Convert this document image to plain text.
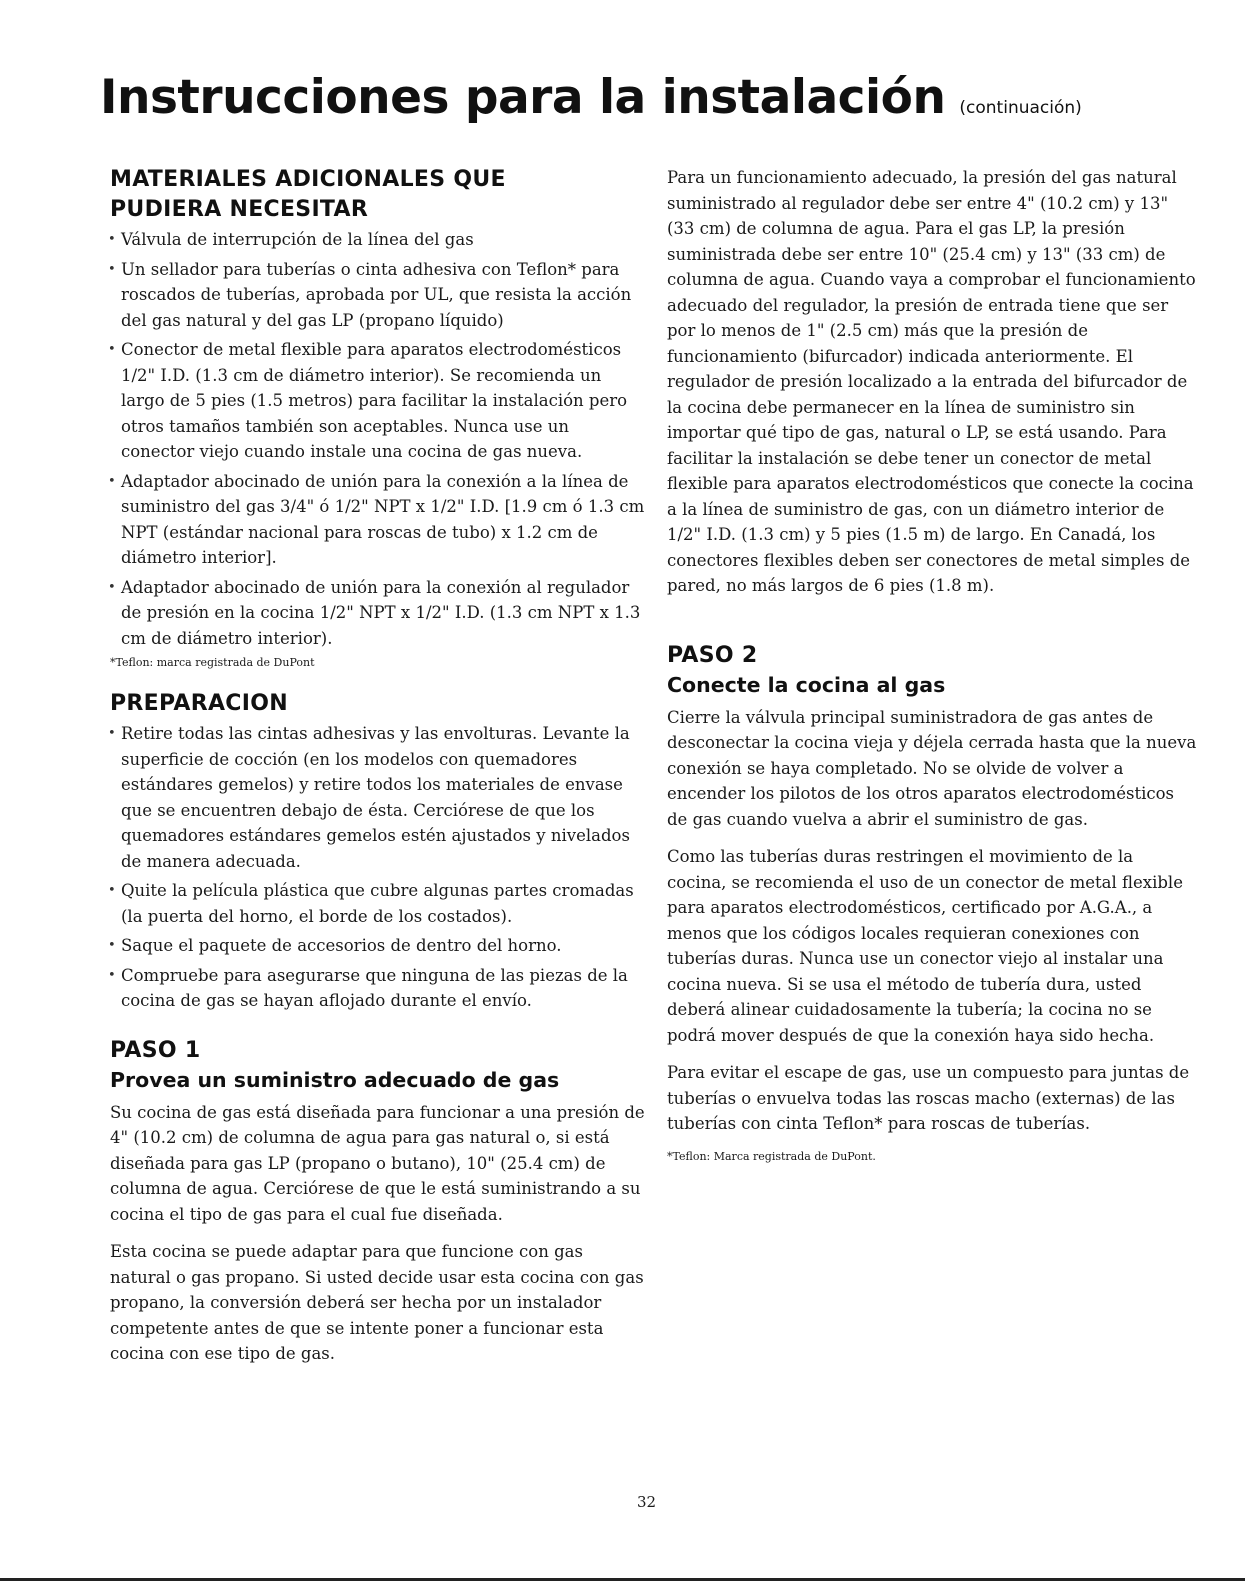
Instrucciones para la instalación (continuación)
MATERIALES ADICIONALES QUE
PUDIERA NECESITAR
• Válvula de interrupción de la línea del gas
• Un sellador para tuberías o cinta adhesiva con Teflon* para roscados de tuberías, aprobada por UL, que resista la acción del gas natural y del gas LP (propano líquido)
• Conector de metal flexible para aparatos electrodomésticos 1/2" I.D. (1.3 cm de diámetro interior). Se recomienda un largo de 5 pies (1.5 metros) para facilitar la instalación pero otros tamaños también son aceptables. Nunca use un conector viejo cuando instale una cocina de gas nueva.
• Adaptador abocinado de unión para la conexión a la línea de suministro del gas 3/4" ó 1/2" NPT x 1/2" I.D. [1.9 cm ó 1.3 cm NPT (estándar nacional para roscas de tubo) x 1.2 cm de diámetro interior].
• Adaptador abocinado de unión para la conexión al regulador de presión en la cocina 1/2" NPT x 1/2" I.D. (1.3 cm NPT x 1.3 cm de diámetro interior).

*Teflon: marca registrada de DuPont

PREPARACION
• Retire todas las cintas adhesivas y las envolturas. Levante la superficie de cocción (en los modelos con quemadores estándares gemelos) y retire todos los materiales de envase que se encuentren debajo de ésta. Cerciórese de que los quemadores estándares gemelos estén ajustados y nivelados de manera adecuada.
• Quite la película plástica que cubre algunas partes cromadas (la puerta del horno, el borde de los costados).
• Saque el paquete de accesorios de dentro del horno.
• Compruebe para asegurarse que ninguna de las piezas de la cocina de gas se hayan aflojado durante el envío.
PASO 1
Provea un suministro adecuado de gas

Su cocina de gas está diseñada para funcionar a una presión de 4" (10.2 cm) de columna de agua para gas natural o, si está diseñada para gas LP (propano o butano), 10" (25.4 cm) de columna de agua. Cerciórese de que le está suministrando a su cocina el tipo de gas para el cual fue diseñada.

Esta cocina se puede adaptar para que funcione con gas natural o gas propano. Si usted decide usar esta cocina con gas propano, la conversión deberá ser hecha por un instalador competente antes de que se intente poner a funcionar esta cocina con ese tipo de gas.

Para un funcionamiento adecuado, la presión del gas natural suministrado al regulador debe ser entre 4" (10.2 cm) y 13" (33 cm) de columna de agua. Para el gas LP, la presión suministrada debe ser entre 10" (25.4 cm) y 13" (33 cm) de columna de agua. Cuando vaya a comprobar el funcionamiento adecuado del regulador, la presión de entrada tiene que ser por lo menos de 1" (2.5 cm) más que la presión de funcionamiento (bifurcador) indicada anteriormente. El regulador de presión localizado a la entrada del bifurcador de la cocina debe permanecer en la línea de suministro sin importar qué tipo de gas, natural o LP, se está usando. Para facilitar la instalación se debe tener un conector de metal flexible para aparatos electrodomésticos que conecte la cocina a la línea de suministro de gas, con un diámetro interior de 1/2" I.D. (1.3 cm) y 5 pies (1.5 m) de largo. En Canadá, los conectores flexibles deben ser conectores de metal simples de pared, no más largos de 6 pies (1.8 m).

PASO 2
Conecte la cocina al gas

Cierre la válvula principal suministradora de gas antes de desconectar la cocina vieja y déjela cerrada hasta que la nueva conexión se haya completado. No se olvide de volver a encender los pilotos de los otros aparatos electrodomésticos de gas cuando vuelva a abrir el suministro de gas.

Como las tuberías duras restringen el movimiento de la cocina, se recomienda el uso de un conector de metal flexible para aparatos electrodomésticos, certificado por A.G.A., a menos que los códigos locales requieran conexiones con tuberías duras. Nunca use un conector viejo al instalar una cocina nueva. Si se usa el método de tubería dura, usted deberá alinear cuidadosamente la tubería; la cocina no se podrá mover después de que la conexión haya sido hecha.

Para evitar el escape de gas, use un compuesto para juntas de tuberías o envuelva todas las roscas macho (externas) de las tuberías con cinta Teflon* para roscas de tuberías.

*Teflon: Marca registrada de DuPont.

32
